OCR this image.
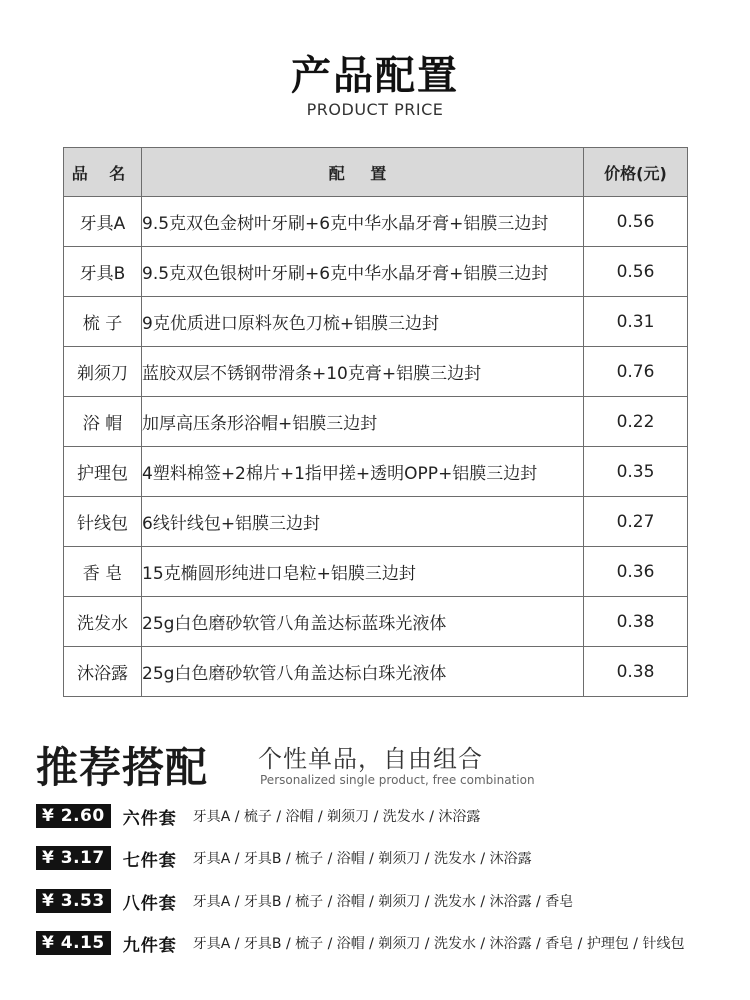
产品配置
PRODUCT PRICE
品 名	配 置	价格(元)
牙具A	9.5克双色金树叶牙刷+6克中华水晶牙膏+铝膜三边封	0.56
牙具B	9.5克双色银树叶牙刷+6克中华水晶牙膏+铝膜三边封	0.56
梳 子	9克优质进口原料灰色刀梳+铝膜三边封	0.31
剃须刀	蓝胶双层不锈钢带滑条+10克膏+铝膜三边封	0.76
浴 帽	加厚高压条形浴帽+铝膜三边封	0.22
护理包	4塑料棉签+2棉片+1指甲搓+透明OPP+铝膜三边封	0.35
针线包	6线针线包+铝膜三边封	0.27
香 皂	15克椭圆形纯进口皂粒+铝膜三边封	0.36
洗发水	25g白色磨砂软管八角盖达标蓝珠光液体	0.38
沐浴露	25g白色磨砂软管八角盖达标白珠光液体	0.38
推荐搭配 个性单品，自由组合
Personalized single product, free combination
¥ 2.60	六件套 牙具A / 梳子 / 浴帽 / 剃须刀 / 洗发水 / 沐浴露
¥ 3.17	七件套 牙具A / 牙具B / 梳子 / 浴帽 / 剃须刀 / 洗发水 / 沐浴露
¥ 3.53	八件套 牙具A / 牙具B / 梳子 / 浴帽 / 剃须刀 / 洗发水 / 沐浴露 / 香皂
¥ 4.15	九件套 牙具A / 牙具B / 梳子 / 浴帽 / 剃须刀 / 洗发水 / 沐浴露 / 香皂 / 护理包 / 针线包
